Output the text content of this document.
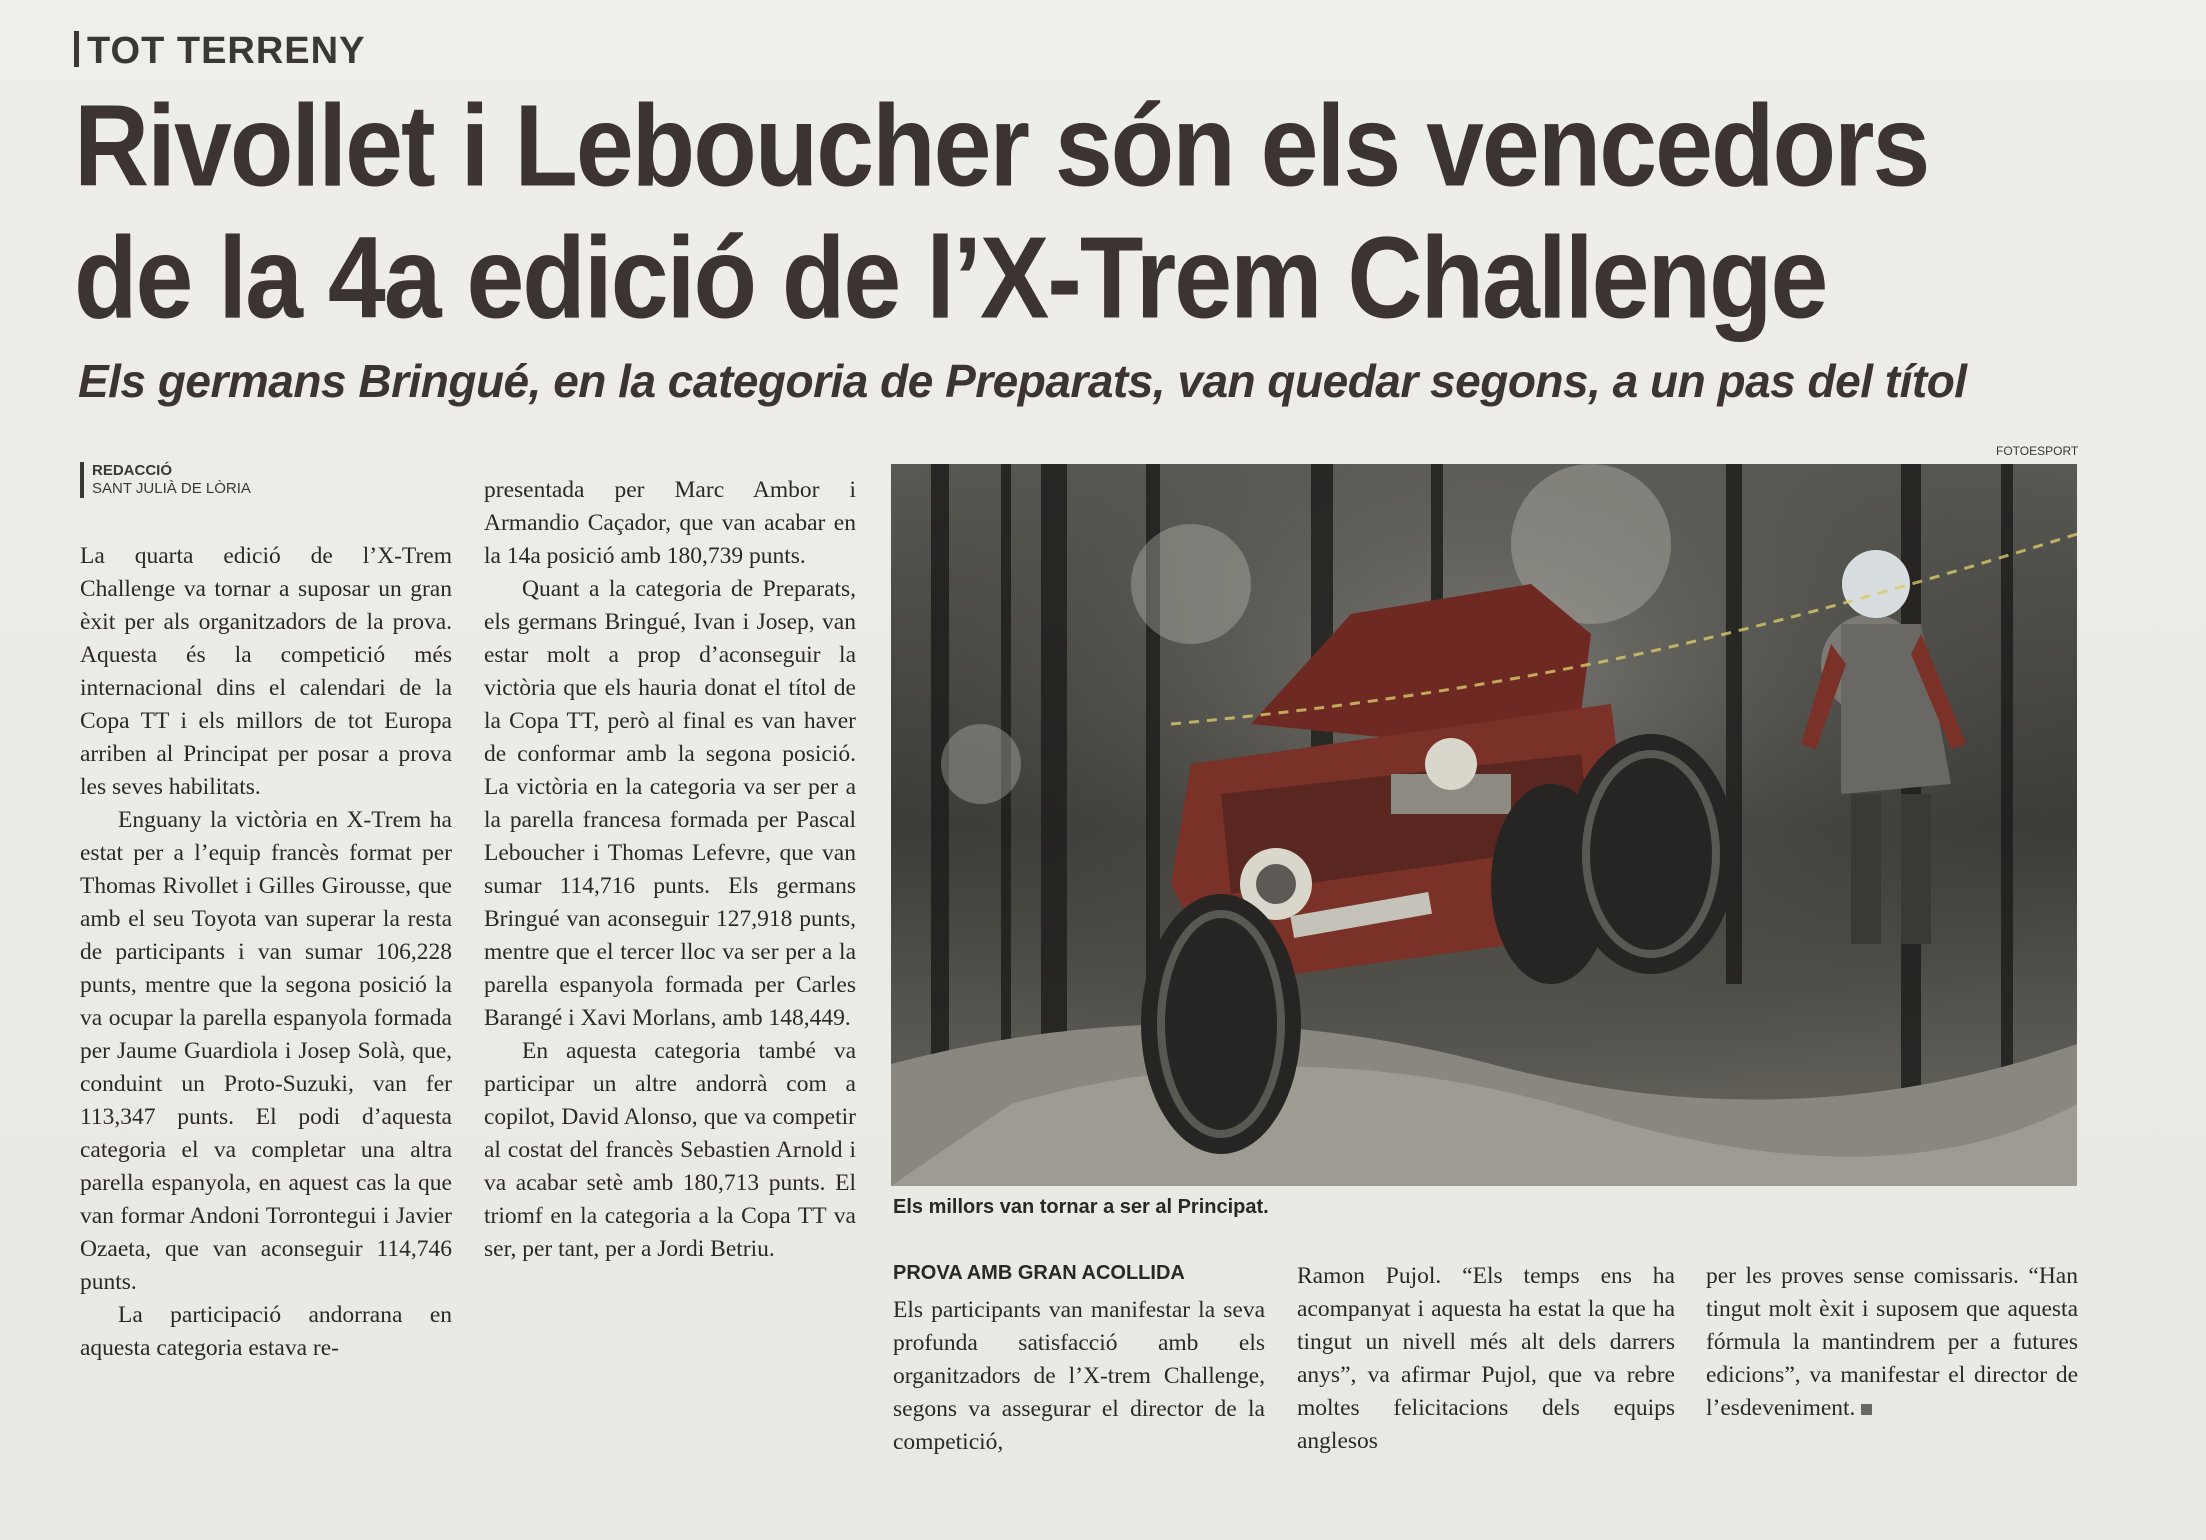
TOT TERRENY
Rivollet i Leboucher són els vencedors
de la 4a edició de l’X-Trem Challenge
Els germans Bringué, en la categoria de Preparats, van quedar segons, a un pas del títol
REDACCIÓ
SANT JULIÀ DE LÒRIA

La quarta edició de l’X-Trem Challenge va tornar a suposar un gran èxit per als organitzadors de la prova. Aquesta és la competició més internacional dins el calendari de la Copa TT i els millors de tot Europa arriben al Principat per posar a prova les seves habilitats.

Enguany la victòria en X-Trem ha estat per a l’equip francès format per Thomas Rivollet i Gilles Girousse, que amb el seu Toyota van superar la resta de participants i van sumar 106,228 punts, mentre que la segona posició la va ocupar la parella espanyola formada per Jaume Guardiola i Josep Solà, que, conduint un Proto-Suzuki, van fer 113,347 punts. El podi d’aquesta categoria el va completar una altra parella espanyola, en aquest cas la que van formar Andoni Torrontegui i Javier Ozaeta, que van aconseguir 114,746 punts.

La participació andorrana en aquesta categoria estava re-

presentada per Marc Ambor i Armandio Caçador, que van acabar en la 14a posició amb 180,739 punts.

Quant a la categoria de Preparats, els germans Bringué, Ivan i Josep, van estar molt a prop d’aconseguir la victòria que els hauria donat el títol de la Copa TT, però al final es van haver de conformar amb la segona posició. La victòria en la categoria va ser per a la parella francesa formada per Pascal Leboucher i Thomas Lefevre, que van sumar 114,716 punts. Els germans Bringué van aconseguir 127,918 punts, mentre que el tercer lloc va ser per a la parella espanyola formada per Carles Barangé i Xavi Morlans, amb 148,449.

En aquesta categoria també va participar un altre andorrà com a copilot, David Alonso, que va competir al costat del francès Sebastien Arnold i va acabar setè amb 180,713 punts. El triomf en la categoria a la Copa TT va ser, per tant, per a Jordi Betriu.

FOTOESPORT
Els millors van tornar a ser al Principat.
PROVA AMB GRAN ACOLLIDA

Els participants van manifestar la seva profunda satisfacció amb els organitzadors de l’X-trem Challenge, segons va assegurar el director de la competició,

Ramon Pujol. “Els temps ens ha acompanyat i aquesta ha estat la que ha tingut un nivell més alt dels darrers anys”, va afirmar Pujol, que va rebre moltes felicitacions dels equips anglesos

per les proves sense comissaris. “Han tingut molt èxit i suposem que aquesta fórmula la mantindrem per a futures edicions”, va manifestar el director de l’esdeveniment.
